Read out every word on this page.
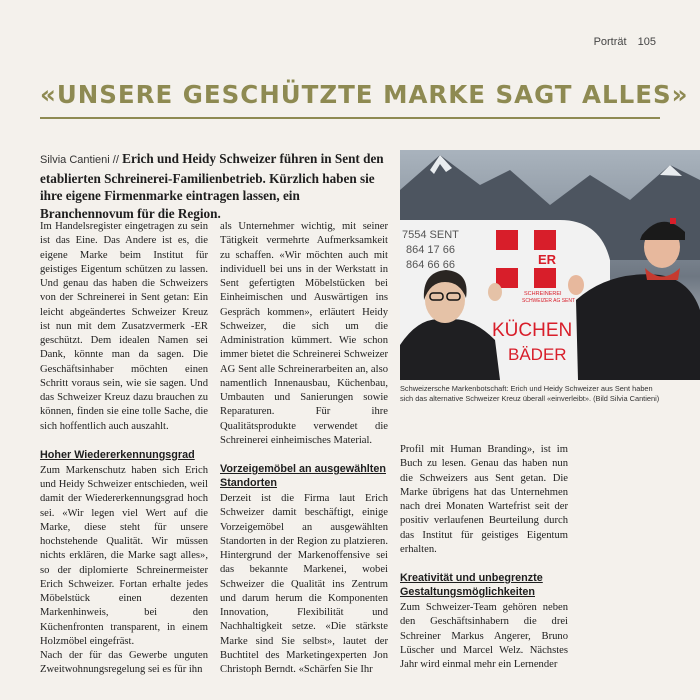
Porträt 105
«UNSERE GESCHÜTZTE MARKE SAGT ALLES»
Silvia Cantieni // Erich und Heidy Schweizer führen in Sent den etablierten Schreinerei-Familienbetrieb. Kürzlich haben sie ihre eigene Firmenmarke eintragen lassen, ein Branchennovum für die Region.

Im Handelsregister eingetragen zu sein ist das Eine. Das Andere ist es, die eigene Marke beim Institut für geistiges Eigentum schützen zu lassen. Und genau das haben die Schweizers von der Schreinerei in Sent getan: Ein leicht abgeändertes Schweizer Kreuz ist nun mit dem Zusatzvermerk -ER geschützt. Dem idealen Namen sei Dank, könnte man da sagen. Die Geschäftsinhaber möchten einen Schritt voraus sein, wie sie sagen. Und das Schweizer Kreuz dazu brauchen zu können, finden sie eine tolle Sache, die sich hoffentlich auch auszahlt.

Hoher Wiedererkennungsgrad

Zum Markenschutz haben sich Erich und Heidy Schweizer entschieden, weil damit der Wiedererkennungsgrad hoch sei. «Wir legen viel Wert auf die Marke, diese steht für unsere hochstehende Qualität. Wir müssen nichts erklären, die Marke sagt alles», so der diplomierte Schreinermeister Erich Schweizer. Fortan erhalte jedes Möbelstück einen dezenten Markenhinweis, bei den Küchenfronten transparent, in einem Holzmöbel eingefräst.

Nach der für das Gewerbe unguten Zweitwohnungsregelung sei es für ihn

als Unternehmer wichtig, mit seiner Tätigkeit vermehrte Aufmerksamkeit zu schaffen. «Wir möchten auch mit individuell bei uns in der Werkstatt in Sent gefertigten Möbelstücken bei Einheimischen und Auswärtigen ins Gespräch kommen», erläutert Heidy Schweizer, die sich um die Administration kümmert. Wie schon immer bietet die Schreinerei Schweizer AG Sent alle Schreinerarbeiten an, also namentlich Innenausbau, Küchenbau, Umbauten und Sanierungen sowie Reparaturen. Für ihre Qualitätsprodukte verwendet die Schreinerei einheimisches Material.

Vorzeigemöbel an ausgewählten Standorten

Derzeit ist die Firma laut Erich Schweizer damit beschäftigt, einige Vorzeigemöbel an ausgewählten Standorten in der Region zu platzieren. Hintergrund der Markenoffensive sei das bekannte Markenei, wobei Schweizer die Qualität ins Zentrum und darum herum die Komponenten Innovation, Flexibilität und Nachhaltigkeit setze. «Die stärkste Marke sind Sie selbst», lautet der Buchtitel des Marketingexperten Jon Christoph Berndt. «Schärfen Sie Ihr

7554 SENT
864 17 66
864 66 66	ER
SCHREINEREI
SCHWEIZER AG SENT
KÜCHEN
BÄDER
Schweizersche Markenbotschaft: Erich und Heidy Schweizer aus Sent haben sich das alternative Schweizer Kreuz überall «einverleibt». (Bild Silvia Cantieni)

Profil mit Human Branding», ist im Buch zu lesen. Genau das haben nun die Schweizers aus Sent getan. Die Marke übrigens hat das Unternehmen nach drei Monaten Wartefrist seit der positiv verlaufenen Beurteilung durch das Institut für geistiges Eigentum erhalten.

Kreativität und unbegrenzte Gestaltungsmöglichkeiten

Zum Schweizer-Team gehören neben den Geschäftsinhabern die drei Schreiner Markus Angerer, Bruno Lüscher und Marcel Welz. Nächstes Jahr wird einmal mehr ein Lernender
